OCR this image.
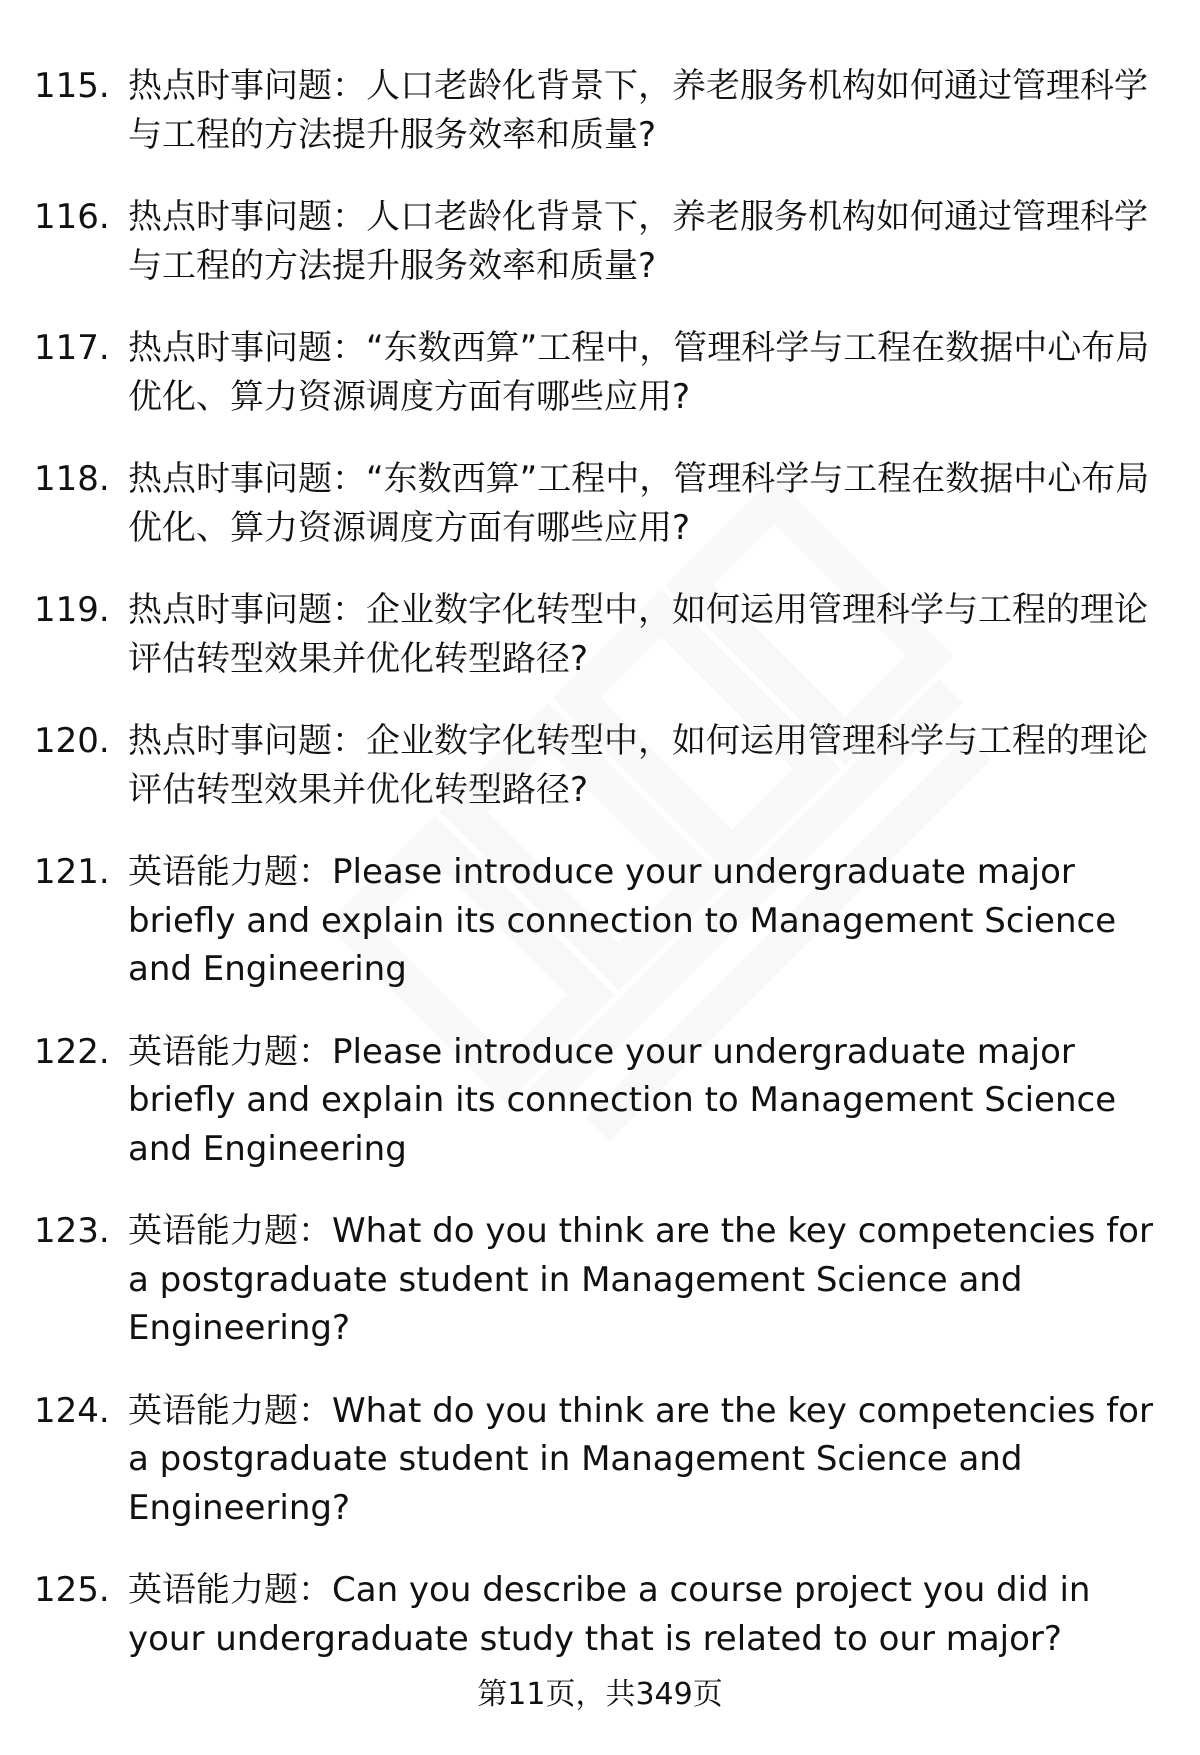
115. 热点时事问题：人口老龄化背景下，养老服务机构如何通过管理科学与工程的方法提升服务效率和质量?
116. 热点时事问题：人口老龄化背景下，养老服务机构如何通过管理科学与工程的方法提升服务效率和质量?
117. 热点时事问题：“东数西算”工程中，管理科学与工程在数据中心布局优化、算力资源调度方面有哪些应用?
118. 热点时事问题：“东数西算”工程中，管理科学与工程在数据中心布局优化、算力资源调度方面有哪些应用?
119. 热点时事问题：企业数字化转型中，如何运用管理科学与工程的理论评估转型效果并优化转型路径?
120. 热点时事问题：企业数字化转型中，如何运用管理科学与工程的理论评估转型效果并优化转型路径?
121. 英语能力题：Please introduce your undergraduate major briefly and explain its connection to Management Science and Engineering
122. 英语能力题：Please introduce your undergraduate major briefly and explain its connection to Management Science and Engineering
123. 英语能力题：What do you think are the key competencies for a postgraduate student in Management Science and Engineering?
124. 英语能力题：What do you think are the key competencies for a postgraduate student in Management Science and Engineering?
125. 英语能力题：Can you describe a course project you did in your undergraduate study that is related to our major?
第11页，共349页
